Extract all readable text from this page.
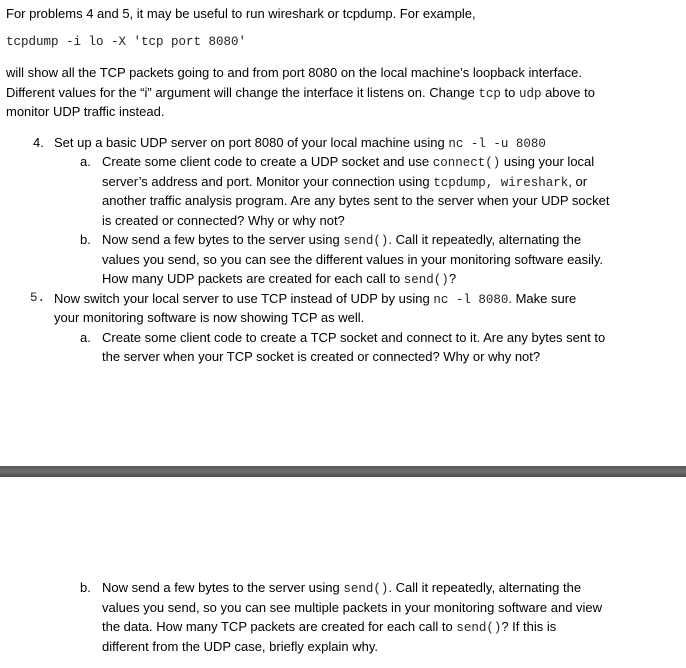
For problems 4 and 5, it may be useful to run wireshark or tcpdump. For example,
tcpdump -i lo -X 'tcp port 8080'
will show all the TCP packets going to and from port 8080 on the local machine’s loopback interface.
Different values for the “i” argument will change the interface it listens on. Change tcp to udp above to
monitor UDP traffic instead.
4. Set up a basic UDP server on port 8080 of your local machine using nc -l -u 8080
a. Create some client code to create a UDP socket and use connect() using your local
server’s address and port. Monitor your connection using tcpdump, wireshark, or
another traffic analysis program. Are any bytes sent to the server when your UDP socket
is created or connected? Why or why not?
b. Now send a few bytes to the server using send(). Call it repeatedly, alternating the
values you send, so you can see the different values in your monitoring software easily.
How many UDP packets are created for each call to send()?
5. Now switch your local server to use TCP instead of UDP by using nc -l 8080. Make sure
your monitoring software is now showing TCP as well.
a. Create some client code to create a TCP socket and connect to it. Are any bytes sent to
the server when your TCP socket is created or connected? Why or why not?
b. Now send a few bytes to the server using send(). Call it repeatedly, alternating the
values you send, so you can see multiple packets in your monitoring software and view
the data. How many TCP packets are created for each call to send()? If this is
different from the UDP case, briefly explain why.
